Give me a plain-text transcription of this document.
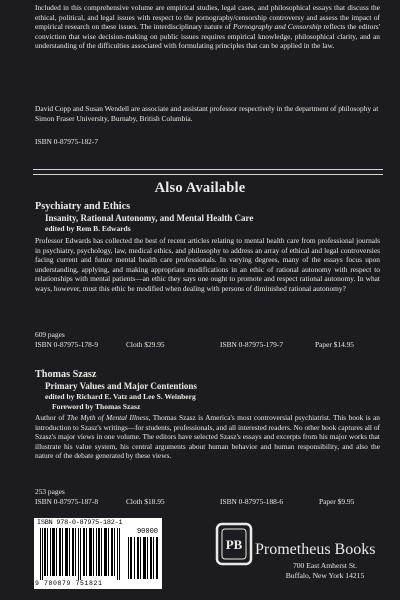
Included in this comprehensive volume are empirical studies, legal cases, and philosophical essays that discuss the ethical, political, and legal issues with respect to the pornography/censorship controversy and assess the impact of empirical research on these issues. The interdisciplinary nature of Pornography and Censorship reflects the editors' conviction that wise decision-making on public issues requires empirical knowledge, philosophical clarity, and an understanding of the difficulties associated with formulating principles that can be applied in the law.

David Copp and Susan Wendell are associate and assistant professor respectively in the department of philosophy at Simon Fraser University, Burnaby, British Columbia.

ISBN 0-87975-182-7

Also Available
Psychiatry and Ethics
Insanity, Rational Autonomy, and Mental Health Care
edited by Rem B. Edwards

Professor Edwards has collected the best of recent articles relating to mental health care from professional journals in psychiatry, psychology, law, medical ethics, and philosophy to address an array of ethical and legal controversies facing current and future mental health care professionals. In varying degrees, many of the essays focus upon understanding, applying, and making appropriate modifications in an ethic of rational autonomy with respect to relationships with mental patients—an ethic they says one ought to promote and respect rational autonomy. In what ways, however, must this ethic be modified when dealing with persons of diminished rational autonomy?

609 pages

ISBN 0-87975-178-9	Cloth $29.95	ISBN 0-87975-179-7	Paper $14.95
Thomas Szasz
Primary Values and Major Contentions
edited by Richard E. Vatz and Lee S. Weinberg
Foreword by Thomas Szasz
Author of The Myth of Mental Illness, Thomas Szasz is America's most controversial psychiatrist. This book is an introduction to Szasz's writings—for students, professionals, and all interested readers. No other book captures all of Szasz's major views in one volume. The editors have selected Szasz's essays and excerpts from his major works that illustrate his value system, his central arguments about human behavior and human responsibility, and also the nature of the debate generated by these views.

253 pages

ISBN 0-87975-187-8	Cloth $18.95	ISBN 0-87975-188-6	Paper $9.95
ISBN 978-0-87975-182-1
90000
9 780879 751821
PB Prometheus Books
700 East Amherst St.
Buffalo, New York 14215
